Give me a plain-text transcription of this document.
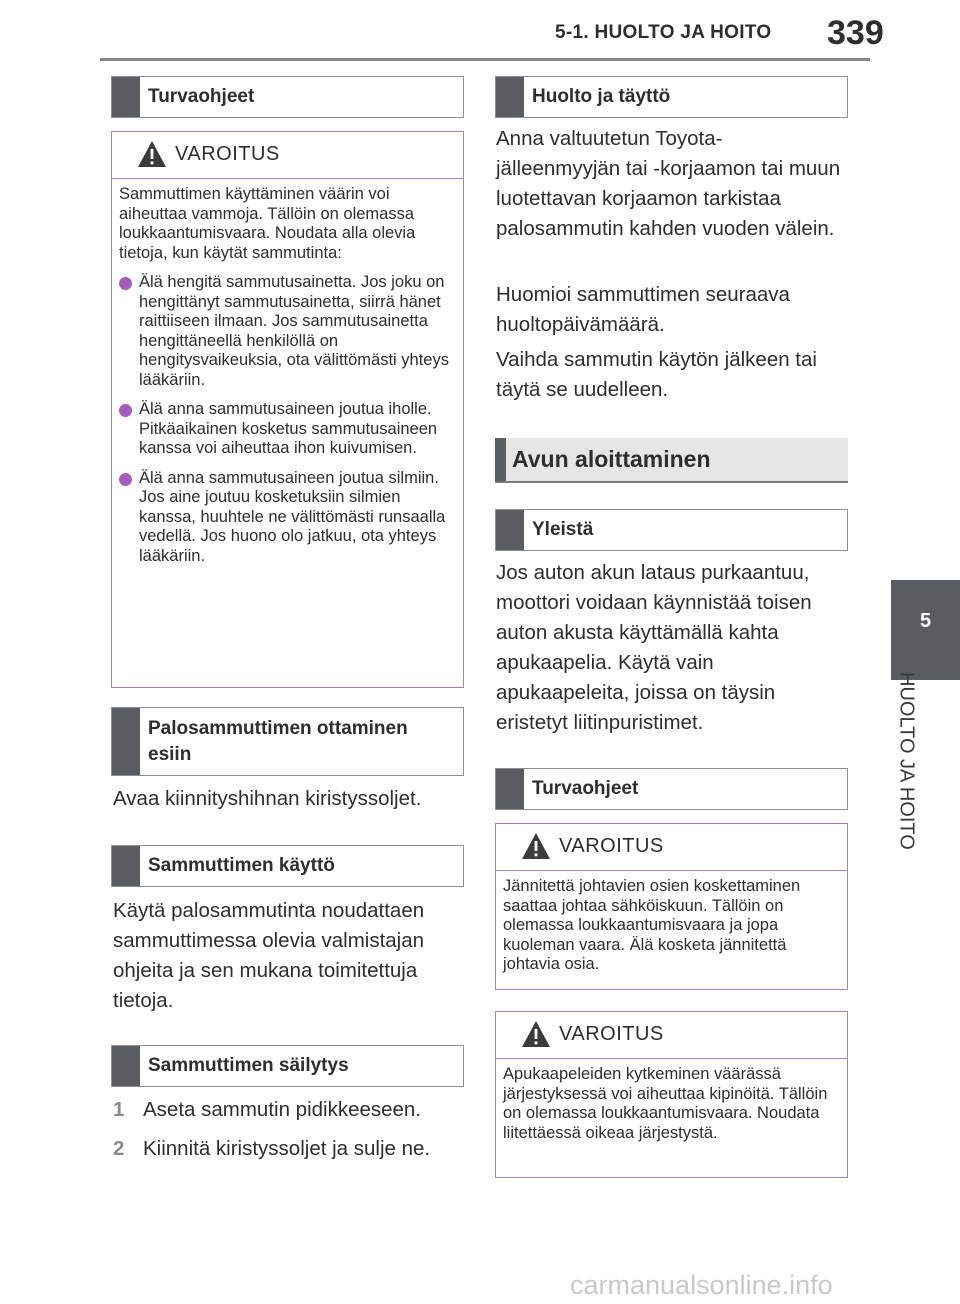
5-1. HUOLTO JA HOITO 339
5
HUOLTO JA HOITO
Turvaohjeet
VAROITUS

Sammuttimen käyttäminen väärin voi aiheuttaa vammoja. Tällöin on olemassa loukkaantumisvaara. Noudata alla olevia tietoja, kun käytät sammutinta:

Älä hengitä sammutusainetta. Jos joku on hengittänyt sammutusainetta, siirrä hänet raittiiseen ilmaan. Jos sammutusainetta hengittäneellä henkilöllä on hengitysvaikeuksia, ota välittömästi yhteys lääkäriin.
Älä anna sammutusaineen joutua iholle. Pitkäaikainen kosketus sammutusaineen kanssa voi aiheuttaa ihon kuivumisen.
Älä anna sammutusaineen joutua silmiin. Jos aine joutuu kosketuksiin silmien kanssa, huuhtele ne välittömästi runsaalla vedellä. Jos huono olo jatkuu, ota yhteys lääkäriin.
Palosammuttimen ottaminen esiin

Avaa kiinnityshihnan kiristyssoljet.

Sammuttimen käyttö

Käytä palosammutinta noudattaen sammuttimessa olevia valmistajan ohjeita ja sen mukana toimitettuja tietoja.

Sammuttimen säilytys
1 Aseta sammutin pidikkeeseen.
2 Kiinnitä kiristyssoljet ja sulje ne.
Huolto ja täyttö

Anna valtuutetun Toyota-jälleenmyyjän tai -korjaamon tai muun luotettavan korjaamon tarkistaa palosammutin kahden vuoden välein.

Huomioi sammuttimen seuraava huoltopäivämäärä.

Vaihda sammutin käytön jälkeen tai täytä se uudelleen.

Avun aloittaminen
Yleistä

Jos auton akun lataus purkaantuu, moottori voidaan käynnistää toisen auton akusta käyttämällä kahta apukaapelia. Käytä vain apukaapeleita, joissa on täysin eristetyt liitinpuristimet.

Turvaohjeet
VAROITUS

Jännitettä johtavien osien koskettaminen saattaa johtaa sähköiskuun. Tällöin on olemassa loukkaantumisvaara ja jopa kuoleman vaara. Älä kosketa jännitettä johtavia osia.

VAROITUS

Apukaapeleiden kytkeminen väärässä järjestyksessä voi aiheuttaa kipinöitä. Tällöin on olemassa loukkaantumisvaara. Noudata liitettäessä oikeaa järjestystä.

carmanualsonline.info
